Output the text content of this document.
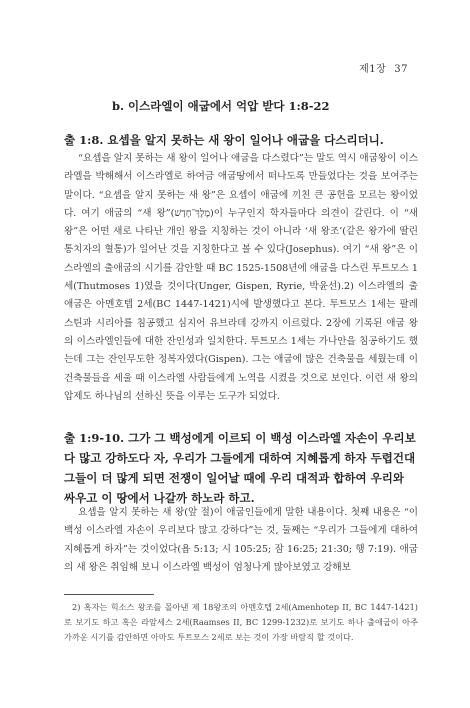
제1장 37
b. 이스라엘이 애굽에서 억압 받다 1:8-22
출 1:8. 요셉을 알지 못하는 새 왕이 일어나 애굽을 다스리더니.
“요셉을 알지 못하는 새 왕이 일어나 애굽을 다스렸다”는 말도 역시 애굽왕이 이스라엘을 박해해서 이스라엘로 하여금 애굽땅에서 떠나도록 만들었다는 것을 보여주는 말이다. “요셉을 알지 못하는 새 왕”은 요셉이 애굽에 끼친 큰 공헌을 모르는 왕이었다. 여기 애굽의 “새 왕”(מֶלֶךְ־חָדָשׁ)이 누구인지 학자들마다 의견이 갈린다. 이 “새 왕”은 어떤 새로 나타난 개인 왕을 지칭하는 것이 아니라 ‘새 왕조’(같은 왕가에 딸린 통치자의 혈통)가 일어난 것을 지칭한다고 볼 수 있다(Josephus). 여기 “새 왕”은 이스라엘의 출애굽의 시기를 감안할 때 BC 1525-1508년에 애굽을 다스린 투트모스 1세(Thutmoses 1)였을 것이다(Unger, Gispen, Ryrie, 박윤선).2) 이스라엘의 출애굽은 아멘호텝 2세(BC 1447-1421)시에 발생했다고 본다. 투트모스 1세는 팔레스틴과 시리아를 침공했고 심지어 유브라데 강까지 이르렀다. 2장에 기록된 애굽 왕의 이스라엘인들에 대한 잔인성과 일치한다. 투트모스 1세는 가나안을 침공하기도 했는데 그는 잔인무도한 정복자였다(Gispen). 그는 애굽에 많은 건축물을 세웠는데 이 건축물들을 세울 때 이스라엘 사람들에게 노역을 시켰을 것으로 보인다. 이런 새 왕의 압제도 하나님의 선하신 뜻을 이루는 도구가 되었다.
출 1:9-10. 그가 그 백성에게 이르되 이 백성 이스라엘 자손이 우리보다 많고 강하도다 자, 우리가 그들에게 대하여 지혜롭게 하자 두렵건대 그들이 더 많게 되면 전쟁이 일어날 때에 우리 대적과 합하여 우리와 싸우고 이 땅에서 나갈까 하노라 하고.
요셉을 알지 못하는 새 왕(앞 절)이 애굽인들에게 말한 내용이다. 첫째 내용은 “이 백성 이스라엘 자손이 우리보다 많고 강하다”는 것, 둘째는 “우리가 그들에게 대하여 지혜롭게 하자”는 것이었다(욥 5:13; 시 105:25; 잠 16:25; 21:30; 행 7:19). 애굽의 새 왕은 취임해 보니 이스라엘 백성이 엄청나게 많아보였고 강해보
2) 혹자는 힉소스 왕조를 몰아낸 제 18왕조의 아멘호텝 2세(Amenhotep II, BC 1447-1421)로 보기도 하고 혹은 라암세스 2세(Raamses II, BC 1299-1232)로 보기도 하나 출애굽이 아주 가까운 시기를 감안하면 아마도 투트모스 2세로 보는 것이 가장 바람직 할 것이다.
